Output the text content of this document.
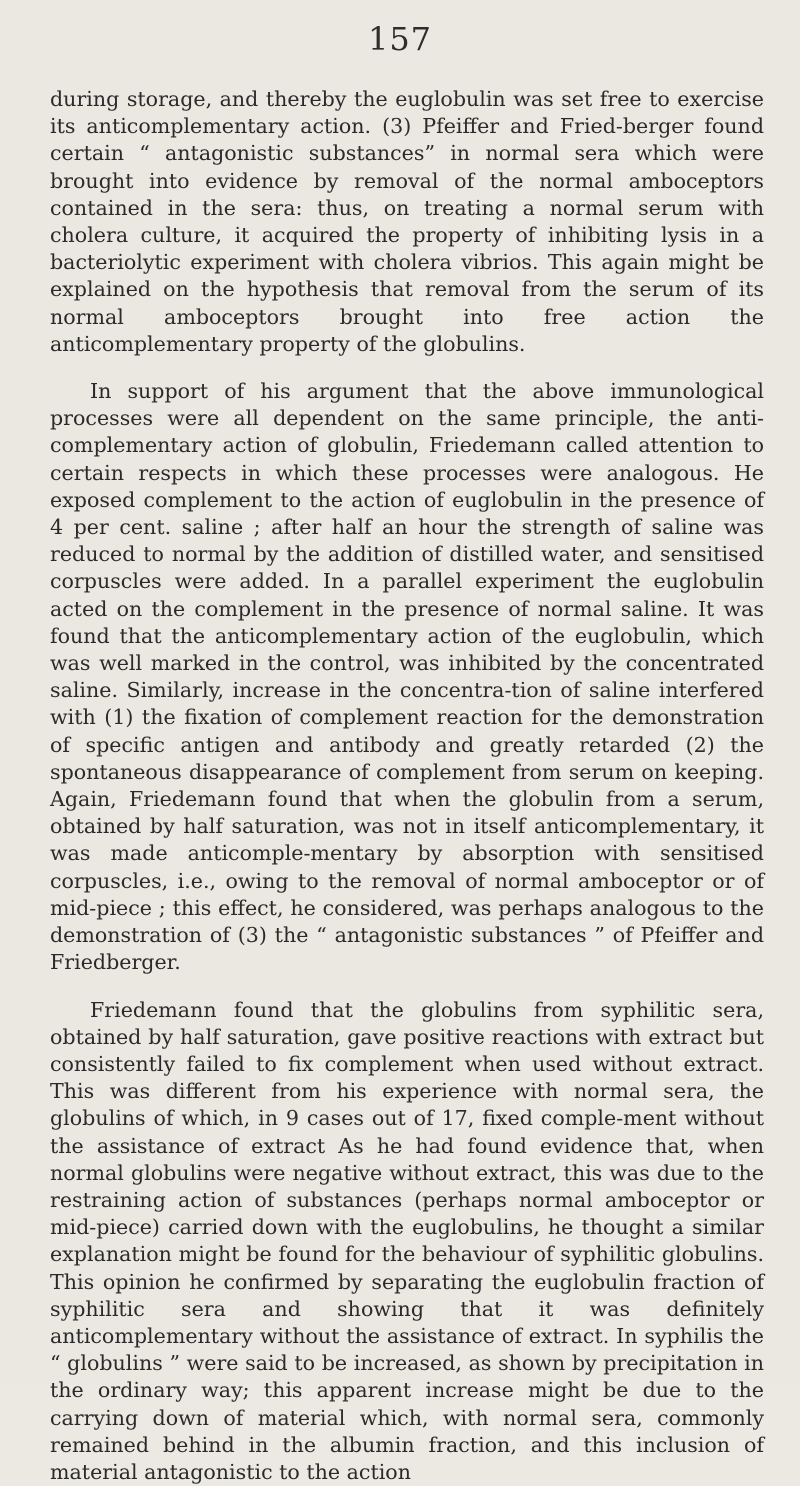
157

during storage, and thereby the euglobulin was set free to exercise its anticomplementary action. (3) Pfeiffer and Fried-berger found certain “ antagonistic substances” in normal sera which were brought into evidence by removal of the normal amboceptors contained in the sera: thus, on treating a normal serum with cholera culture, it acquired the property of inhibiting lysis in a bacteriolytic experiment with cholera vibrios. This again might be explained on the hypothesis that removal from the serum of its normal amboceptors brought into free action the anticomplementary property of the globulins.

In support of his argument that the above immunological processes were all dependent on the same principle, the anti-complementary action of globulin, Friedemann called attention to certain respects in which these processes were analogous. He exposed complement to the action of euglobulin in the presence of 4 per cent. saline ; after half an hour the strength of saline was reduced to normal by the addition of distilled water, and sensitised corpuscles were added. In a parallel experiment the euglobulin acted on the complement in the presence of normal saline. It was found that the anticomplementary action of the euglobulin, which was well marked in the control, was inhibited by the concentrated saline. Similarly, increase in the concentra-tion of saline interfered with (1) the fixation of complement reaction for the demonstration of specific antigen and antibody and greatly retarded (2) the spontaneous disappearance of complement from serum on keeping. Again, Friedemann found that when the globulin from a serum, obtained by half saturation, was not in itself anticomplementary, it was made anticomple-mentary by absorption with sensitised corpuscles, i.e., owing to the removal of normal amboceptor or of mid-piece ; this effect, he considered, was perhaps analogous to the demonstration of (3) the “ antagonistic substances ” of Pfeiffer and Friedberger.

Friedemann found that the globulins from syphilitic sera, obtained by half saturation, gave positive reactions with extract but consistently failed to fix complement when used without extract. This was different from his experience with normal sera, the globulins of which, in 9 cases out of 17, fixed comple-ment without the assistance of extract As he had found evidence that, when normal globulins were negative without extract, this was due to the restraining action of substances (perhaps normal amboceptor or mid-piece) carried down with the euglobulins, he thought a similar explanation might be found for the behaviour of syphilitic globulins. This opinion he confirmed by separating the euglobulin fraction of syphilitic sera and showing that it was definitely anticomplementary without the assistance of extract. In syphilis the “ globulins ” were said to be increased, as shown by precipitation in the ordinary way; this apparent increase might be due to the carrying down of material which, with normal sera, commonly remained behind in the albumin fraction, and this inclusion of material antagonistic to the action
